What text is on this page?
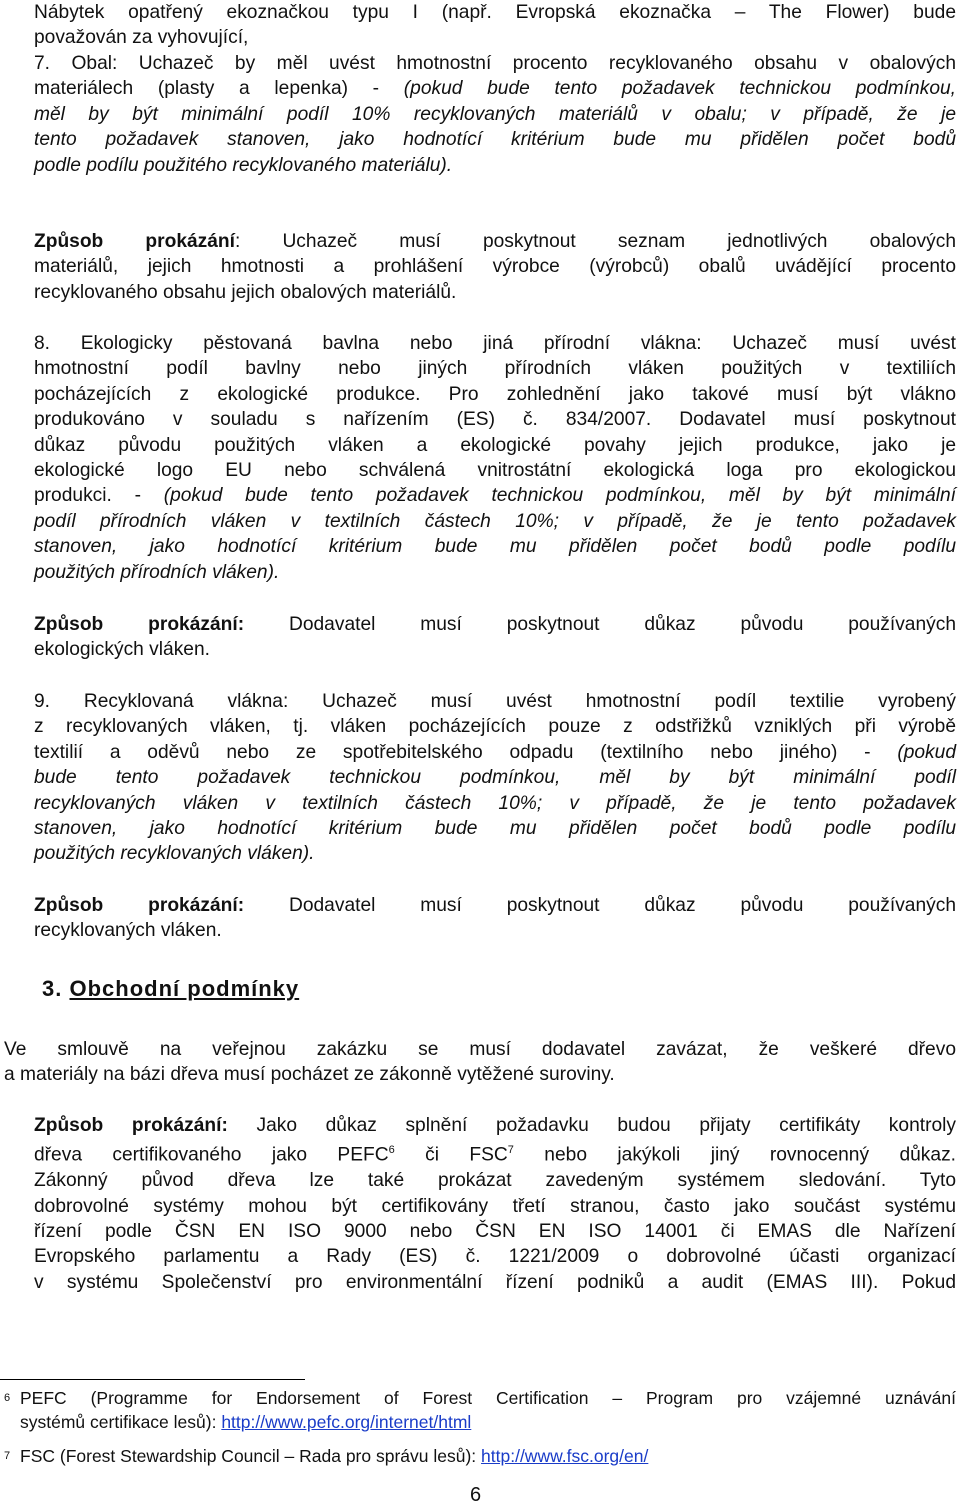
Nábytek opatřený ekoznačkou typu I (např. Evropská ekoznačka – The Flower) bude
považován za vyhovující,
7. Obal: Uchazeč by měl uvést hmotnostní procento recyklovaného obsahu v obalových
materiálech (plasty a lepenka) - (pokud bude tento požadavek technickou podmínkou,
měl by být minimální podíl 10% recyklovaných materiálů v obalu; v případě, že je
tento požadavek stanoven, jako hodnotící kritérium bude mu přidělen počet bodů
podle podílu použitého recyklovaného materiálu).
Způsob prokázání: Uchazeč musí poskytnout seznam jednotlivých obalových
materiálů, jejich hmotnosti a prohlášení výrobce (výrobců) obalů uvádějící procento
recyklovaného obsahu jejich obalových materiálů.
8. Ekologicky pěstovaná bavlna nebo jiná přírodní vlákna: Uchazeč musí uvést
hmotnostní podíl bavlny nebo jiných přírodních vláken použitých v textiliích
pocházejících z ekologické produkce. Pro zohlednění jako takové musí být vlákno
produkováno v souladu s nařízením (ES) č. 834/2007. Dodavatel musí poskytnout
důkaz původu použitých vláken a ekologické povahy jejich produkce, jako je
ekologické logo EU nebo schválená vnitrostátní ekologická loga pro ekologickou
produkci. - (pokud bude tento požadavek technickou podmínkou, měl by být minimální
podíl přírodních vláken v textilních částech 10%; v případě, že je tento požadavek
stanoven, jako hodnotící kritérium bude mu přidělen počet bodů podle podílu
použitých přírodních vláken).
Způsob prokázání: Dodavatel musí poskytnout důkaz původu používaných
ekologických vláken.
9. Recyklovaná vlákna: Uchazeč musí uvést hmotnostní podíl textilie vyrobený
z recyklovaných vláken, tj. vláken pocházejících pouze z odstřižků vzniklých při výrobě
textilií a oděvů nebo ze spotřebitelského odpadu (textilního nebo jiného) - (pokud
bude tento požadavek technickou podmínkou, měl by být minimální podíl
recyklovaných vláken v textilních částech 10%; v případě, že je tento požadavek
stanoven, jako hodnotící kritérium bude mu přidělen počet bodů podle podílu
použitých recyklovaných vláken).
Způsob prokázání: Dodavatel musí poskytnout důkaz původu používaných
recyklovaných vláken.
3. Obchodní podmínky
Ve smlouvě na veřejnou zakázku se musí dodavatel zavázat, že veškeré dřevo
a materiály na bázi dřeva musí pocházet ze zákonně vytěžené suroviny.
Způsob prokázání: Jako důkaz splnění požadavku budou přijaty certifikáty kontroly
dřeva certifikovaného jako PEFC$^6$ či FSC$^7$ nebo jakýkoli jiný rovnocenný důkaz.
Zákonný původ dřeva lze také prokázat zavedeným systémem sledování. Tyto
dobrovolné systémy mohou být certifikovány třetí stranou, často jako součást systému
řízení podle ČSN EN ISO 9000 nebo ČSN EN ISO 14001 či EMAS dle Nařízení
Evropského parlamentu a Rady (ES) č. 1221/2009 o dobrovolné účasti organizací
v systému Společenství pro environmentální řízení podniků a audit (EMAS III). Pokud
6 PEFC (Programme for Endorsement of Forest Certification – Program pro vzájemné uznávání
systémů certifikace lesů): http://www.pefc.org/internet/html
7 FSC (Forest Stewardship Council – Rada pro správu lesů): http://www.fsc.org/en/
6
